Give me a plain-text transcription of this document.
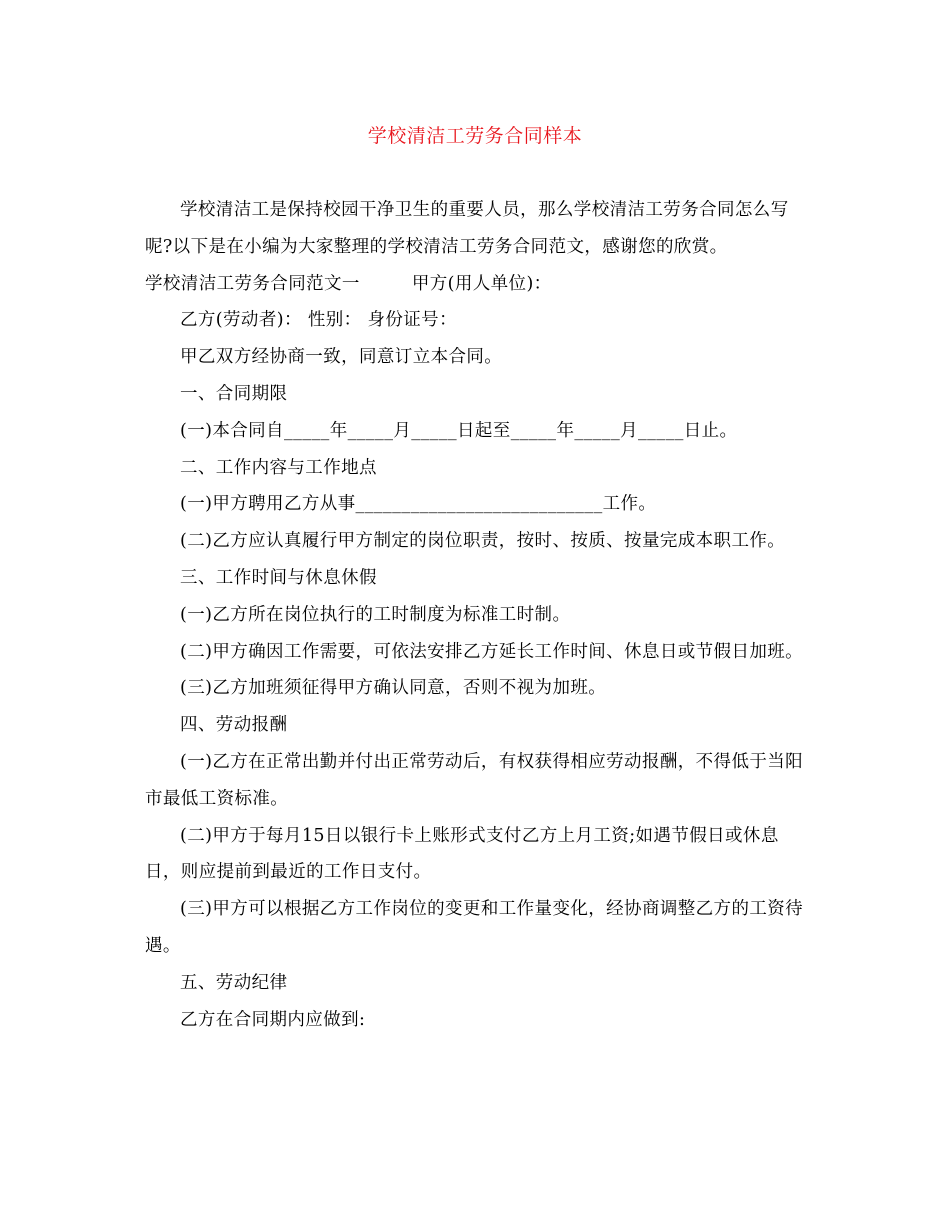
学校清洁工劳务合同样本

学校清洁工是保持校园干净卫生的重要人员，那么学校清洁工劳务合同怎么写呢?以下是在小编为大家整理的学校清洁工劳务合同范文，感谢您的欣赏。

学校清洁工劳务合同范文一	甲方(用人单位)：

乙方(劳动者)： 性别： 身份证号：

甲乙双方经协商一致，同意订立本合同。

一、合同期限

(一)本合同自_____年_____月_____日起至_____年_____月_____日止。

二、工作内容与工作地点

(一)甲方聘用乙方从事___________________________工作。

(二)乙方应认真履行甲方制定的岗位职责，按时、按质、按量完成本职工作。

三、工作时间与休息休假

(一)乙方所在岗位执行的工时制度为标准工时制。

(二)甲方确因工作需要，可依法安排乙方延长工作时间、休息日或节假日加班。

(三)乙方加班须征得甲方确认同意，否则不视为加班。

四、劳动报酬

(一)乙方在正常出勤并付出正常劳动后，有权获得相应劳动报酬，不得低于当阳市最低工资标准。

(二)甲方于每月15日以银行卡上账形式支付乙方上月工资;如遇节假日或休息日，则应提前到最近的工作日支付。

(三)甲方可以根据乙方工作岗位的变更和工作量变化，经协商调整乙方的工资待遇。

五、劳动纪律

乙方在合同期内应做到:
